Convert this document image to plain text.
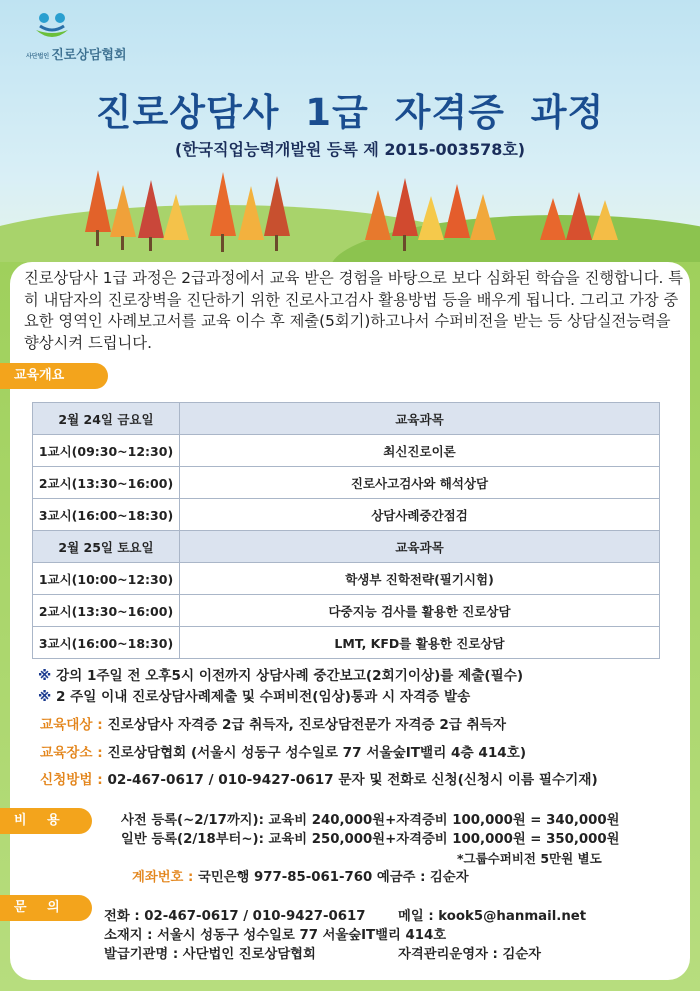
사단법인 진로상담협회
진로상담사 1급 자격증 과정
(한국직업능력개발원 등록 제 2015-003578호)
진로상담사 1급 과정은 2급과정에서 교육 받은 경험을 바탕으로 보다 심화된 학습을 진행합니다. 특히 내담자의 진로장벽을 진단하기 위한 진로사고검사 활용방법 등을 배우게 됩니다. 그리고 가장 중요한 영역인 사례보고서를 교육 이수 후 제출(5회기)하고나서 수퍼비전을 받는 등 상담실전능력을 향상시켜 드립니다.
교육개요
2월 24일 금요일	교육과목
1교시(09:30~12:30)	최신진로이론
2교시(13:30~16:00)	진로사고검사와 해석상담
3교시(16:00~18:30)	상담사례중간점검
2월 25일 토요일	교육과목
1교시(10:00~12:30)	학생부 진학전략(필기시험)
2교시(13:30~16:00)	다중지능 검사를 활용한 진로상담
3교시(16:00~18:30)	LMT, KFD를 활용한 진로상담
※ 강의 1주일 전 오후5시 이전까지 상담사례 중간보고(2회기이상)를 제출(필수)
※ 2 주일 이내 진로상담사례제출 및 수퍼비전(임상)통과 시 자격증 발송
교육대상 : 진로상담사 자격증 2급 취득자, 진로상담전문가 자격증 2급 취득자
교육장소 : 진로상담협회 (서울시 성동구 성수일로 77 서울숲IT밸리 4층 414호)
신청방법 : 02-467-0617 / 010-9427-0617 문자 및 전화로 신청(신청시 이름 필수기재)
비 용	사전 등록(~2/17까지): 교육비 240,000원+자격증비 100,000원 = 340,000원
일반 등록(2/18부터~): 교육비 250,000원+자격증비 100,000원 = 350,000원
*그룹수퍼비전 5만원 별도
계좌번호 : 국민은행 977-85-061-760 예금주 : 김순자
문 의
전화 : 02-467-0617 / 010-9427-0617 메일 : kook5@hanmail.net
소재지 : 서울시 성동구 성수일로 77 서울숲IT밸리 414호
발급기관명 : 사단법인 진로상담협회	자격관리운영자 : 김순자
